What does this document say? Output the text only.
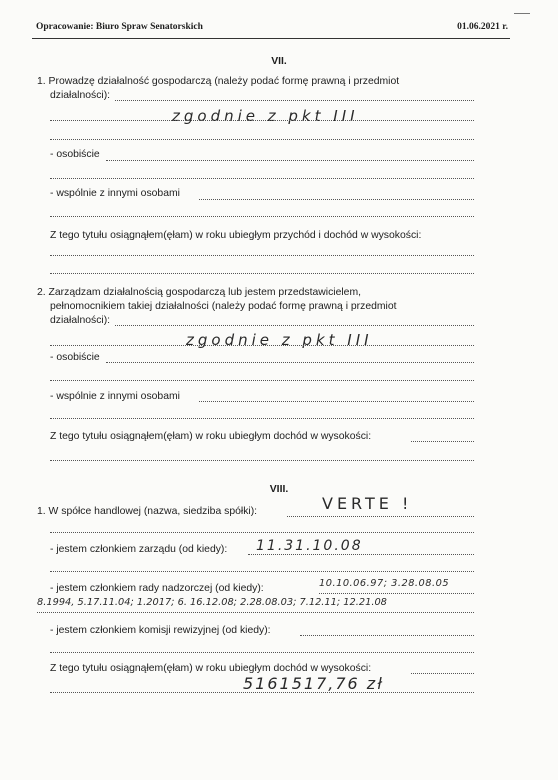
Opracowanie: Biuro Spraw Senatorskich	01.06.2021 r.
VII.
1. Prowadzę działalność gospodarczą (należy podać formę prawną i przedmiot
działalności):
zgodnie z pkt III
- osobiście
- wspólnie z innymi osobami
Z tego tytułu osiągnąłem(ęłam) w roku ubiegłym przychód i dochód w wysokości:
2. Zarządzam działalnością gospodarczą lub jestem przedstawicielem,
pełnomocnikiem takiej działalności (należy podać formę prawną i przedmiot
działalności):
zgodnie z pkt III
- osobiście
- wspólnie z innymi osobami
Z tego tytułu osiągnąłem(ęłam) w roku ubiegłym dochód w wysokości:
VIII.
1. W spółce handlowej (nazwa, siedziba spółki):	VERTE !
- jestem członkiem zarządu (od kiedy): 11.31.10.08
- jestem członkiem rady nadzorczej (od kiedy):	10.10.06.97; 3.28.08.05
8.1994, 5.17.11.04; 1.2017; 6. 16.12.08; 2.28.08.03; 7.12.11; 12.21.08
- jestem członkiem komisji rewizyjnej (od kiedy):
Z tego tytułu osiągnąłem(ęłam) w roku ubiegłym dochód w wysokości:
5161517,76 zł
